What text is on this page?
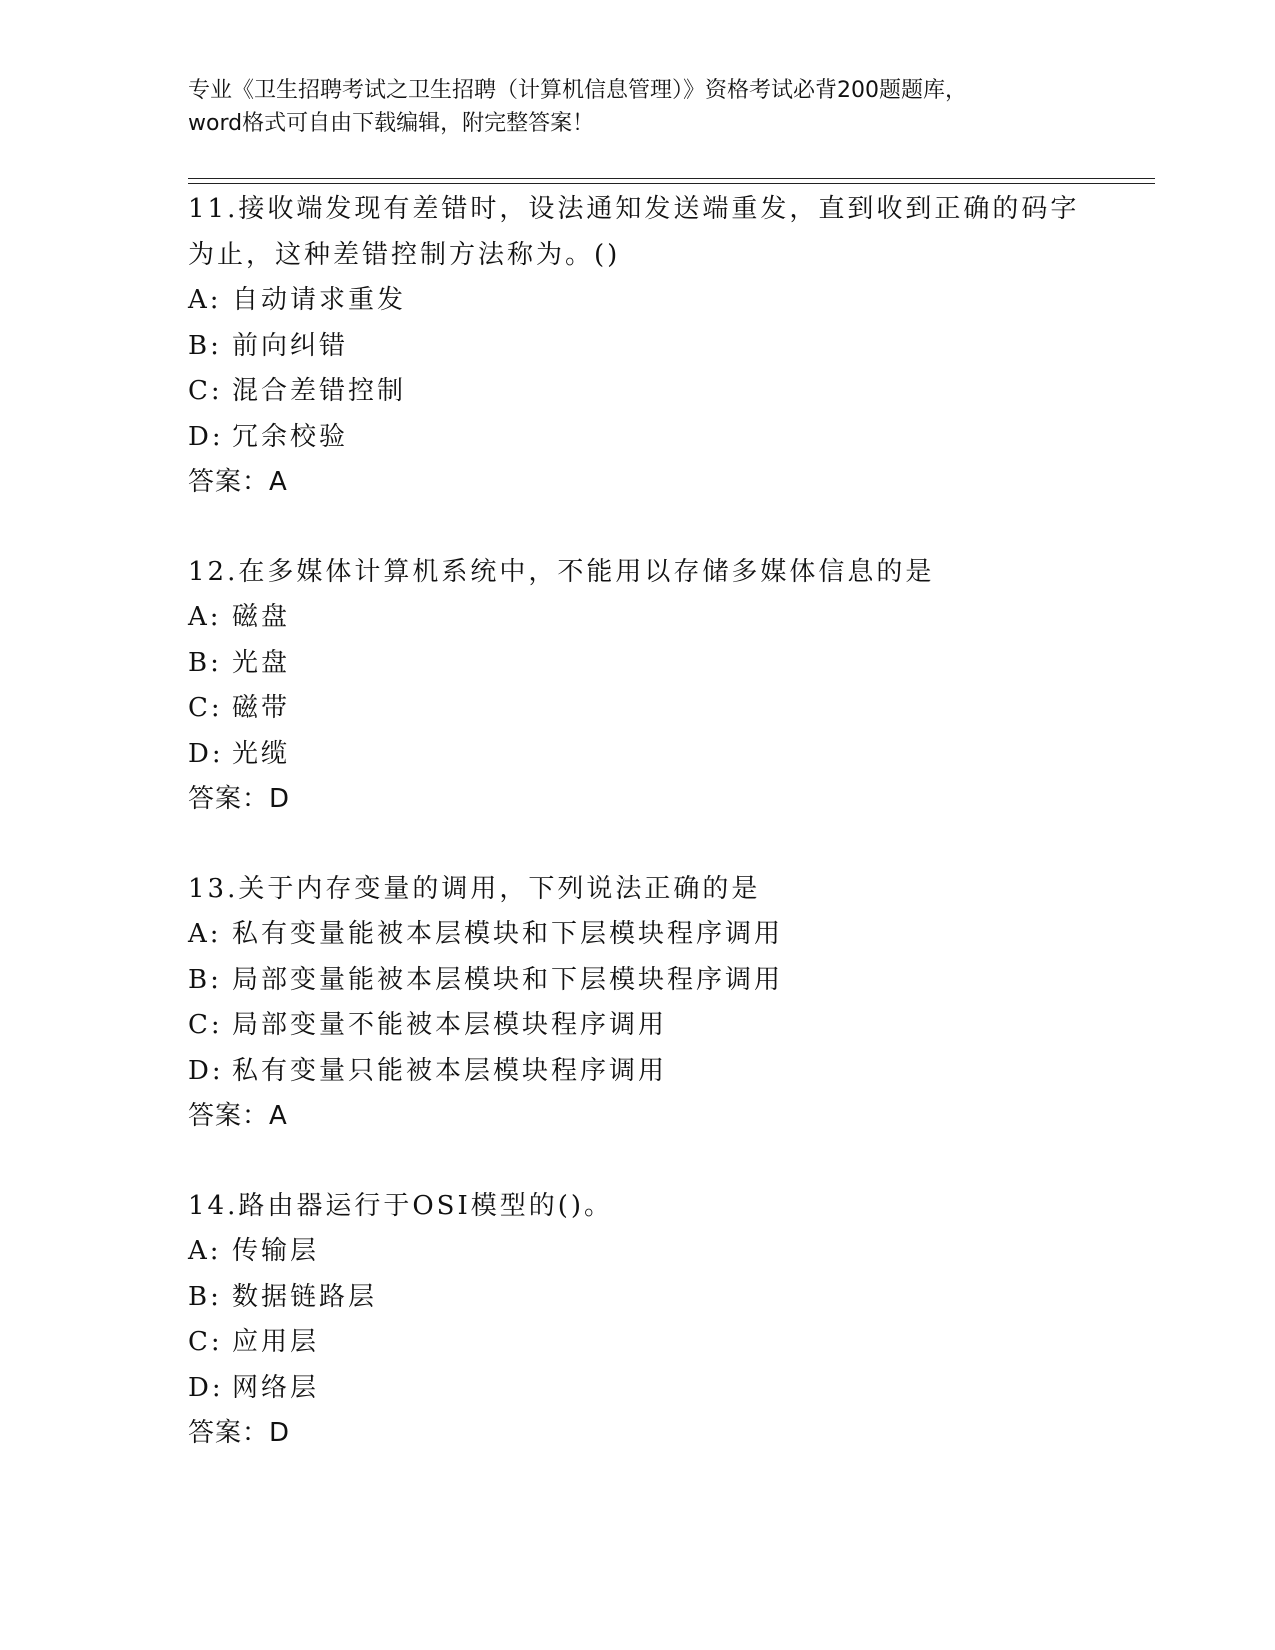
专业《卫生招聘考试之卫生招聘（计算机信息管理）》资格考试必背200题题库，
word格式可自由下载编辑，附完整答案！
11.接收端发现有差错时，设法通知发送端重发，直到收到正确的码字为止，这种差错控制方法称为。()
A: 自动请求重发
B: 前向纠错
C: 混合差错控制
D: 冗余校验
答案：A
12.在多媒体计算机系统中，不能用以存储多媒体信息的是
A: 磁盘
B: 光盘
C: 磁带
D: 光缆
答案：D
13.关于内存变量的调用，下列说法正确的是
A: 私有变量能被本层模块和下层模块程序调用
B: 局部变量能被本层模块和下层模块程序调用
C: 局部变量不能被本层模块程序调用
D: 私有变量只能被本层模块程序调用
答案：A
14.路由器运行于OSI模型的()。
A: 传输层
B: 数据链路层
C: 应用层
D: 网络层
答案：D
